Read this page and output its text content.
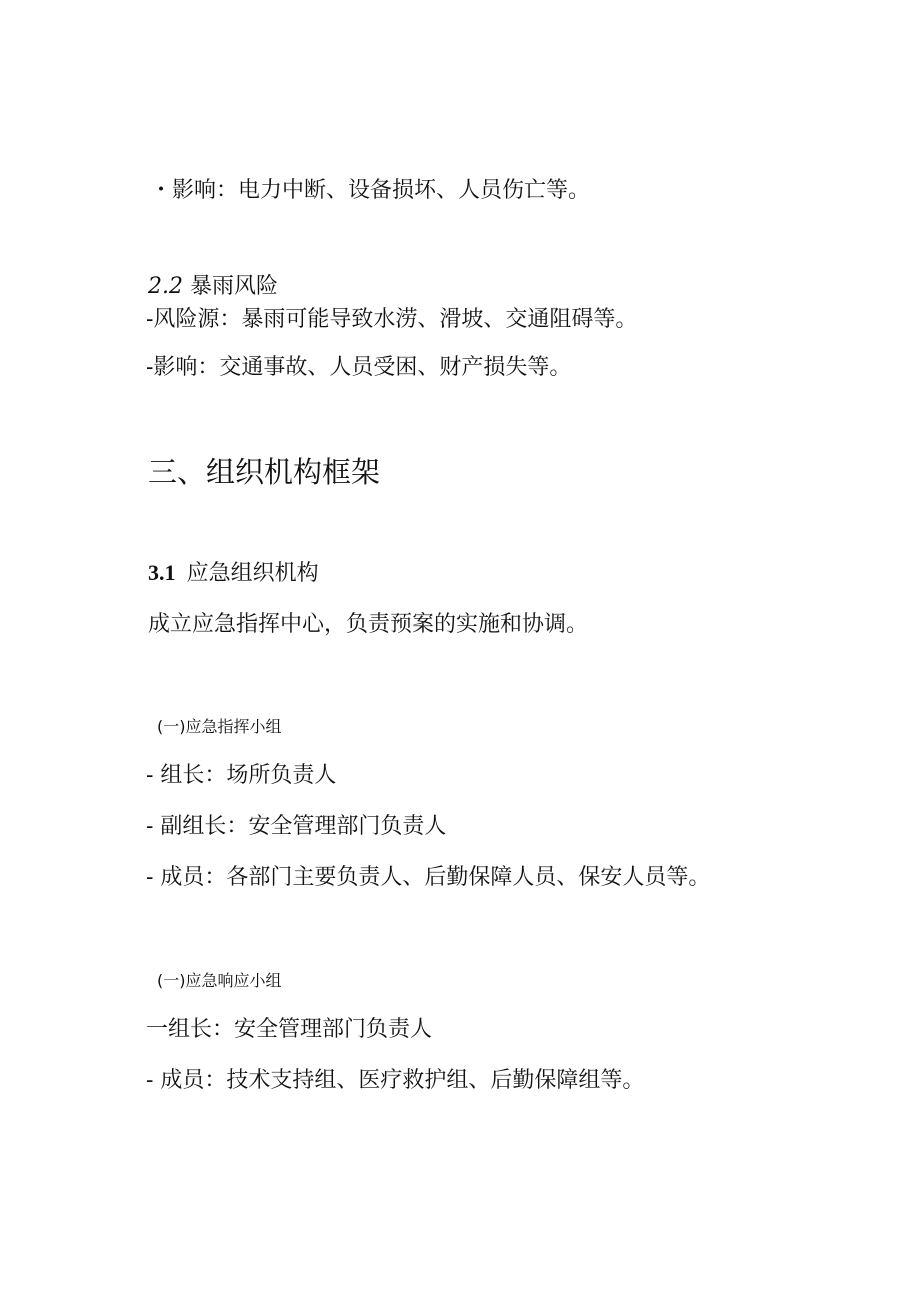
・影响：电力中断、设备损坏、人员伤亡等。

2.2 暴雨风险

-风险源：暴雨可能导致水涝、滑坡、交通阻碍等。

-影响：交通事故、人员受困、财产损失等。

三、组织机构框架

3.1 应急组织机构

成立应急指挥中心，负责预案的实施和协调。

(一)应急指挥小组

- 组长：场所负责人

- 副组长：安全管理部门负责人

- 成员：各部门主要负责人、后勤保障人员、保安人员等。

(一)应急响应小组

一组长：安全管理部门负责人

- 成员：技术支持组、医疗救护组、后勤保障组等。
